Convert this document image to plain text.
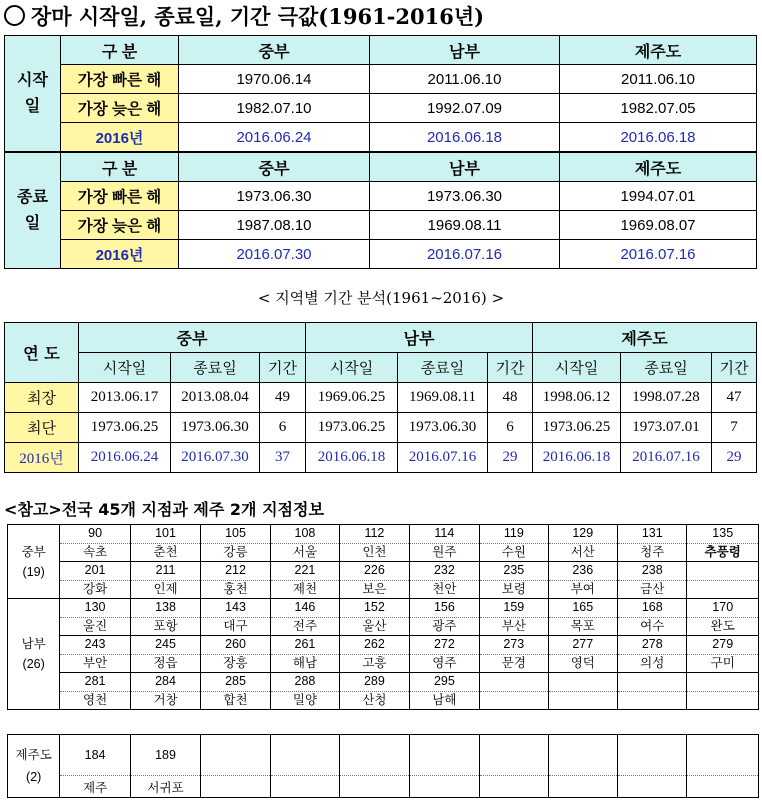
장마 시작일, 종료일, 기간 극값(1961-2016년)
시작
일	구 분	중부	남부	제주도
	가장 빠른 해	1970.06.14	2011.06.10	2011.06.10
	가장 늦은 해	1982.07.10	1992.07.09	1982.07.05
	2016년	2016.06.24	2016.06.18	2016.06.18
종료
일	구 분	중부	남부	제주도
	가장 빠른 해	1973.06.30	1973.06.30	1994.07.01
	가장 늦은 해	1987.08.10	1969.08.11	1969.08.07
	2016년	2016.07.30	2016.07.16	2016.07.16
< 지역별 기간 분석(1961~2016) >
연 도	중부			남부			제주도		
	시작일	종료일	기간	시작일	종료일	기간	시작일	종료일	기간
최장	2013.06.17	2013.08.04	49	1969.06.25	1969.08.11	48	1998.06.12	1998.07.28	47
최단	1973.06.25	1973.06.30	6	1973.06.25	1973.06.30	6	1973.06.25	1973.07.01	7
2016년	2016.06.24	2016.07.30	37	2016.06.18	2016.07.16	29	2016.06.18	2016.07.16	29
<참고>전국 45개 지점과 제주 2개 지점정보
중부
(19)	90	101	105	108	112	114	119	129	131	135
	속초	춘천	강릉	서울	인천	원주	수원	서산	청주	추풍령
	201	211	212	221	226	232	235	236	238	
	강화	인제	홍천	제천	보은	천안	보령	부여	금산	
남부
(26)	130	138	143	146	152	156	159	165	168	170
	울진	포항	대구	전주	울산	광주	부산	목포	여수	완도
	243	245	260	261	262	272	273	277	278	279
	부안	정읍	장흥	해남	고흥	영주	문경	영덕	의성	구미
	281	284	285	288	289	295				
	영천	거창	합천	밀양	산청	남해				
제주도
(2)	184	189								
	제주	서귀포								
